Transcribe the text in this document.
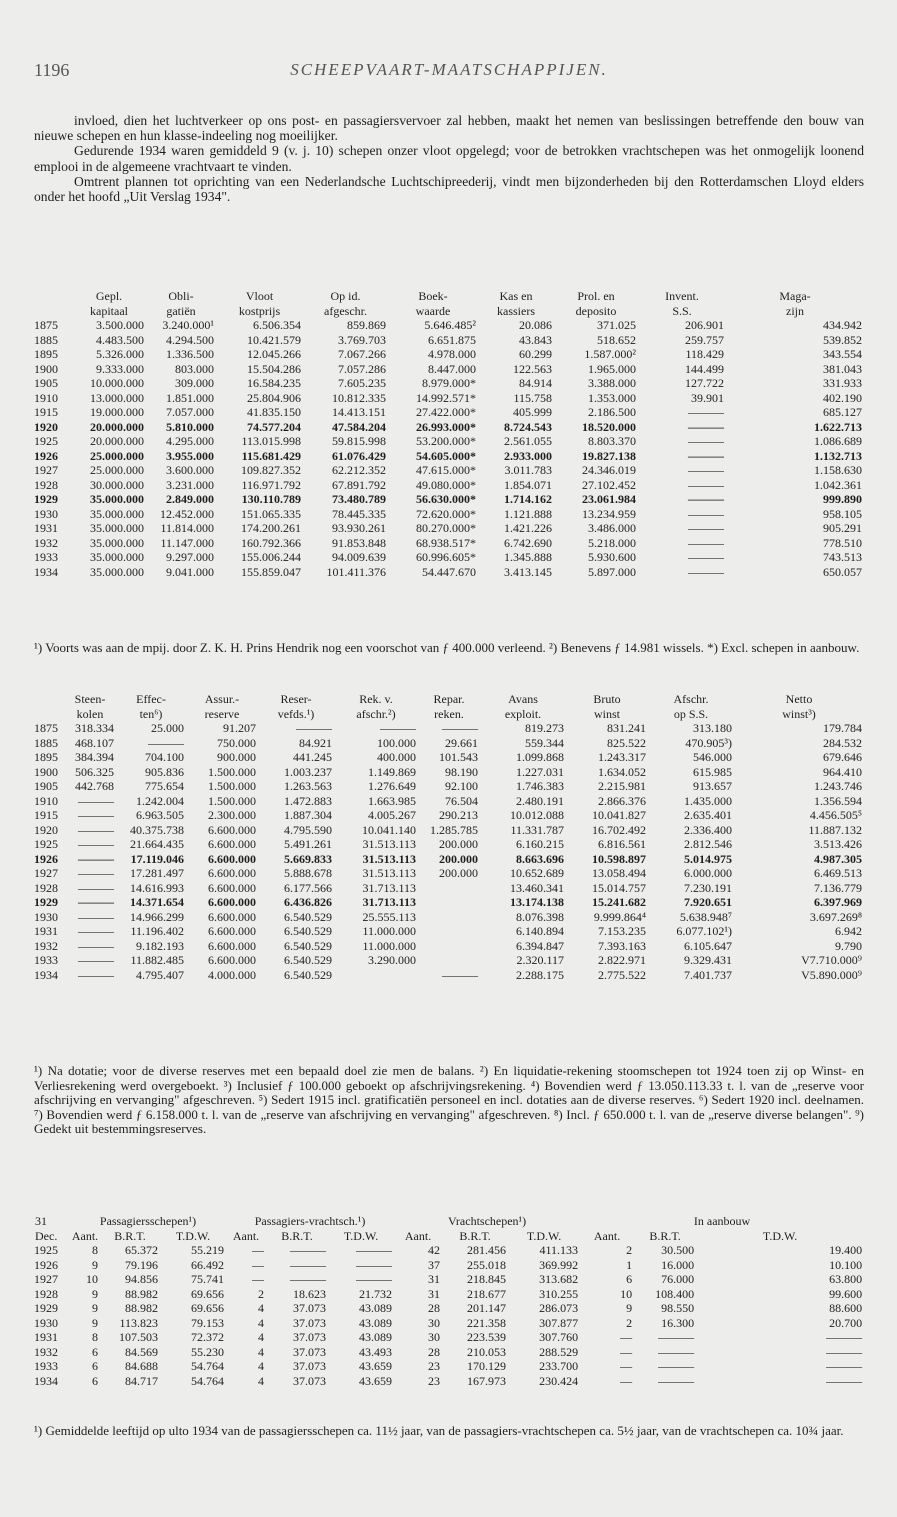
1196	SCHEEPVAART-MAATSCHAPPIJEN.

invloed, dien het luchtverkeer op ons post- en passagiersvervoer zal hebben, maakt het nemen van beslissingen betreffende den bouw van nieuwe schepen en hun klasse-indeeling nog moeilijker.

Gedurende 1934 waren gemiddeld 9 (v. j. 10) schepen onzer vloot opgelegd; voor de betrokken vrachtschepen was het onmogelijk loonend emplooi in de algemeene vrachtvaart te vinden.

Omtrent plannen tot oprichting van een Nederlandsche Luchtschipreederij, vindt men bijzonderheden bij den Rotterdamschen Lloyd elders onder het hoofd „Uit Verslag 1934".

	Gepl.	Obli-	Vloot	Op id.	Boek-	Kas en	Prol. en	Invent.	Maga-
	kapitaal	gatiën	kostprijs	afgeschr.	waarde	kassiers	deposito	S.S.	zijn
1875	3.500.000	3.240.000¹	6.506.354	859.869	5.646.485²	20.086	371.025	206.901	434.942
1885	4.483.500	4.294.500	10.421.579	3.769.703	6.651.875	43.843	518.652	259.757	539.852
1895	5.326.000	1.336.500	12.045.266	7.067.266	4.978.000	60.299	1.587.000²	118.429	343.554
1900	9.333.000	803.000	15.504.286	7.057.286	8.447.000	122.563	1.965.000	144.499	381.043
1905	10.000.000	309.000	16.584.235	7.605.235	8.979.000*	84.914	3.388.000	127.722	331.933
1910	13.000.000	1.851.000	25.804.906	10.812.335	14.992.571*	115.758	1.353.000	39.901	402.190
1915	19.000.000	7.057.000	41.835.150	14.413.151	27.422.000*	405.999	2.186.500	———	685.127
1920	20.000.000	5.810.000	74.577.204	47.584.204	26.993.000*	8.724.543	18.520.000	———	1.622.713
1925	20.000.000	4.295.000	113.015.998	59.815.998	53.200.000*	2.561.055	8.803.370	———	1.086.689
1926	25.000.000	3.955.000	115.681.429	61.076.429	54.605.000*	2.933.000	19.827.138	———	1.132.713
1927	25.000.000	3.600.000	109.827.352	62.212.352	47.615.000*	3.011.783	24.346.019	———	1.158.630
1928	30.000.000	3.231.000	116.971.792	67.891.792	49.080.000*	1.854.071	27.102.452	———	1.042.361
1929	35.000.000	2.849.000	130.110.789	73.480.789	56.630.000*	1.714.162	23.061.984	———	999.890
1930	35.000.000	12.452.000	151.065.335	78.445.335	72.620.000*	1.121.888	13.234.959	———	958.105
1931	35.000.000	11.814.000	174.200.261	93.930.261	80.270.000*	1.421.226	3.486.000	———	905.291
1932	35.000.000	11.147.000	160.792.366	91.853.848	68.938.517*	6.742.690	5.218.000	———	778.510
1933	35.000.000	9.297.000	155.006.244	94.009.639	60.996.605*	1.345.888	5.930.600	———	743.513
1934	35.000.000	9.041.000	155.859.047	101.411.376	54.447.670	3.413.145	5.897.000	———	650.057
¹) Voorts was aan de mpij. door Z. K. H. Prins Hendrik nog een voorschot van ƒ 400.000 verleend. ²) Benevens ƒ 14.981 wissels. *) Excl. schepen in aanbouw.
	Steen-	Effec-	Assur.-	Reser-	Rek. v.	Repar.	Avans	Bruto	Afschr.	Netto
	kolen	ten⁶)	reserve	vefds.¹)	afschr.²)	reken.	exploit.	winst	op S.S.	winst³)
1875	318.334	25.000	91.207	———	———	———	819.273	831.241	313.180	179.784
1885	468.107	———	750.000	84.921	100.000	29.661	559.344	825.522	470.905³)	284.532
1895	384.394	704.100	900.000	441.245	400.000	101.543	1.099.868	1.243.317	546.000	679.646
1900	506.325	905.836	1.500.000	1.003.237	1.149.869	98.190	1.227.031	1.634.052	615.985	964.410
1905	442.768	775.654	1.500.000	1.263.563	1.276.649	92.100	1.746.383	2.215.981	913.657	1.243.746
1910	———	1.242.004	1.500.000	1.472.883	1.663.985	76.504	2.480.191	2.866.376	1.435.000	1.356.594
1915	———	6.963.505	2.300.000	1.887.304	4.005.267	290.213	10.012.088	10.041.827	2.635.401	4.456.505⁵
1920	———	40.375.738	6.600.000	4.795.590	10.041.140	1.285.785	11.331.787	16.702.492	2.336.400	11.887.132
1925	———	21.664.435	6.600.000	5.491.261	31.513.113	200.000	6.160.215	6.816.561	2.812.546	3.513.426
1926	———	17.119.046	6.600.000	5.669.833	31.513.113	200.000	8.663.696	10.598.897	5.014.975	4.987.305
1927	———	17.281.497	6.600.000	5.888.678	31.513.113	200.000	10.652.689	13.058.494	6.000.000	6.469.513
1928	———	14.616.993	6.600.000	6.177.566	31.713.113		13.460.341	15.014.757	7.230.191	7.136.779
1929	———	14.371.654	6.600.000	6.436.826	31.713.113		13.174.138	15.241.682	7.920.651	6.397.969
1930	———	14.966.299	6.600.000	6.540.529	25.555.113		8.076.398	9.999.864⁴	5.638.948⁷	3.697.269⁸
1931	———	11.196.402	6.600.000	6.540.529	11.000.000		6.140.894	7.153.235	6.077.102¹)	6.942
1932	———	9.182.193	6.600.000	6.540.529	11.000.000		6.394.847	7.393.163	6.105.647	9.790
1933	———	11.882.485	6.600.000	6.540.529	3.290.000		2.320.117	2.822.971	9.329.431	V7.710.000⁹
1934	———	4.795.407	4.000.000	6.540.529		———	2.288.175	2.775.522	7.401.737	V5.890.000⁹
¹) Na dotatie; voor de diverse reserves met een bepaald doel zie men de balans. ²) En liquidatie-rekening stoomschepen tot 1924 toen zij op Winst- en Verliesrekening werd overgeboekt. ³) Inclusief ƒ 100.000 geboekt op afschrijvingsrekening. ⁴) Bovendien werd ƒ 13.050.113.33 t. l. van de „reserve voor afschrijving en vervanging" afgeschreven. ⁵) Sedert 1915 incl. gratificatiën personeel en incl. dotaties aan de diverse reserves. ⁶) Sedert 1920 incl. deelnamen. ⁷) Bovendien werd ƒ 6.158.000 t. l. van de „reserve van afschrijving en vervanging" afgeschreven. ⁸) Incl. ƒ 650.000 t. l. van de „reserve diverse belangen". ⁹) Gedekt uit bestemmingsreserves.
31	Passagiersschepen¹)			Passagiers-vrachtsch.¹)			Vrachtschepen¹)			In aanbouw		
Dec.	Aant.	B.R.T.	T.D.W.	Aant.	B.R.T.	T.D.W.	Aant.	B.R.T.	T.D.W.	Aant.	B.R.T.	T.D.W.
1925	8	65.372	55.219	—	———	———	42	281.456	411.133	2	30.500	19.400
1926	9	79.196	66.492	—	———	———	37	255.018	369.992	1	16.000	10.100
1927	10	94.856	75.741	—	———	———	31	218.845	313.682	6	76.000	63.800
1928	9	88.982	69.656	2	18.623	21.732	31	218.677	310.255	10	108.400	99.600
1929	9	88.982	69.656	4	37.073	43.089	28	201.147	286.073	9	98.550	88.600
1930	9	113.823	79.153	4	37.073	43.089	30	221.358	307.877	2	16.300	20.700
1931	8	107.503	72.372	4	37.073	43.089	30	223.539	307.760	—	———	———
1932	6	84.569	55.230	4	37.073	43.493	28	210.053	288.529	—	———	———
1933	6	84.688	54.764	4	37.073	43.659	23	170.129	233.700	—	———	———
1934	6	84.717	54.764	4	37.073	43.659	23	167.973	230.424	—	———	———
¹) Gemiddelde leeftijd op ulto 1934 van de passagiersschepen ca. 11½ jaar, van de passagiers-vrachtschepen ca. 5½ jaar, van de vrachtschepen ca. 10¾ jaar.
